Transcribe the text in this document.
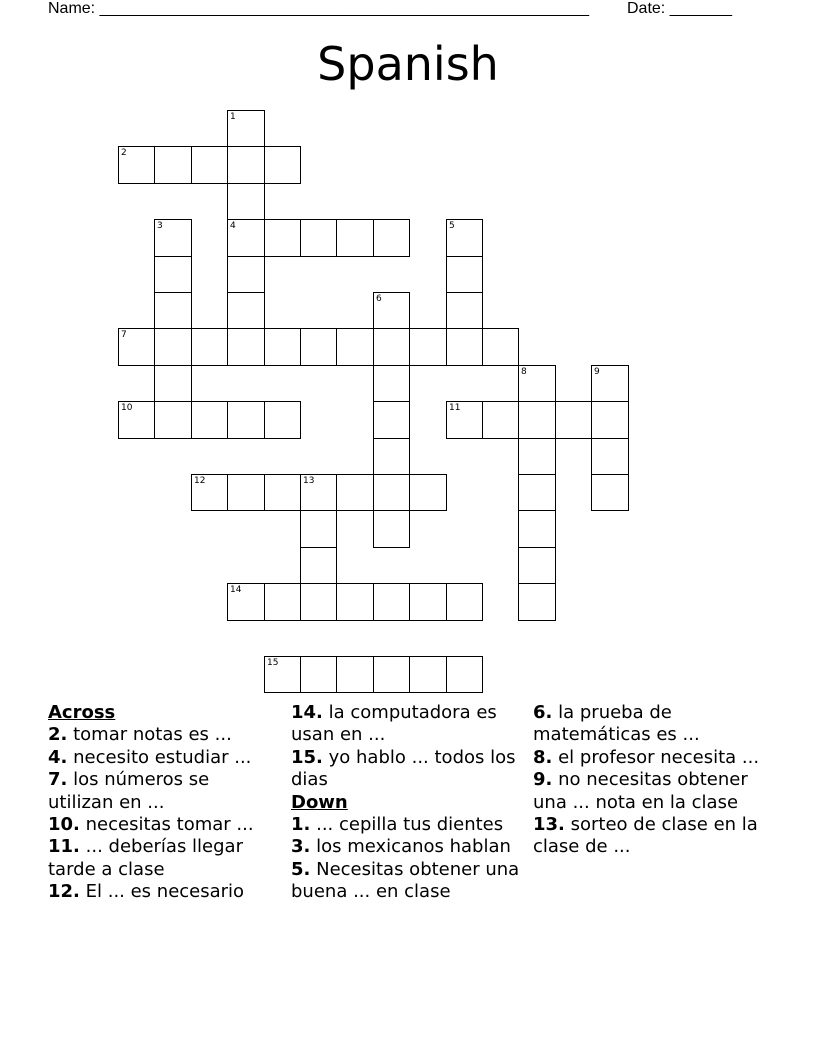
Name: _______________________________________________________ Date: _______
Spanish
2
4
7
10	11
12	13
14
15
1
3	5
6
8	9
Across
2. tomar notas es ...
4. necesito estudiar ...
7. los números se utilizan en ...
10. necesitas tomar ...
11. ... deberías llegar tarde a clase
12. El ... es necesario
14. la computadora es usan en ...
15. yo hablo ... todos los dias
Down
1. ... cepilla tus dientes
3. los mexicanos hablan
5. Necesitas obtener una buena ... en clase
6. la prueba de matemáticas es ...
8. el profesor necesita ...
9. no necesitas obtener una ... nota en la clase
13. sorteo de clase en la clase de ...
